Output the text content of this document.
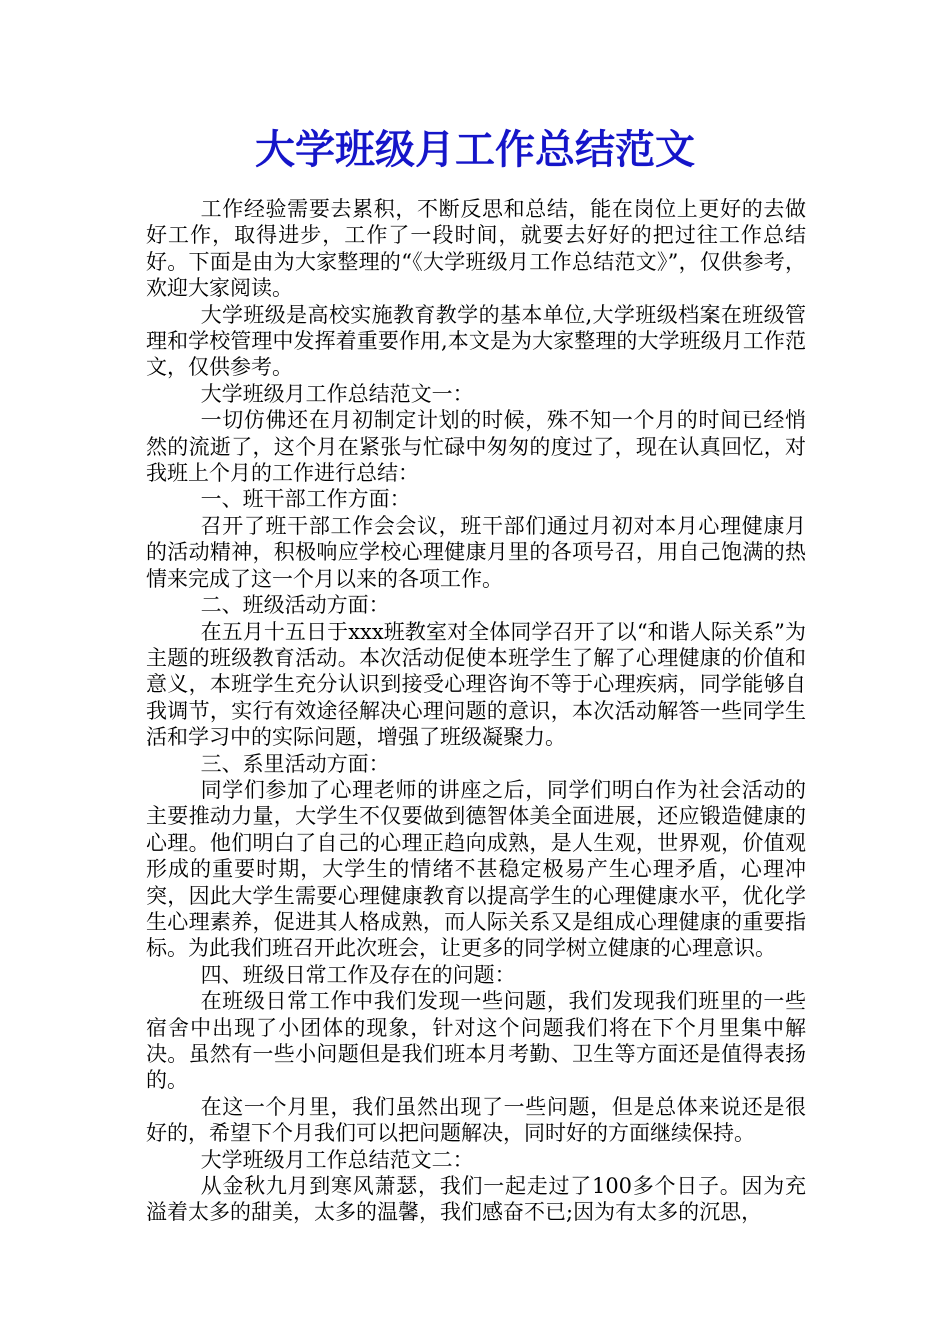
大学班级月工作总结范文

工作经验需要去累积，不断反思和总结，能在岗位上更好的去做好工作，取得进步，工作了一段时间，就要去好好的把过往工作总结好。下面是由为大家整理的“《大学班级月工作总结范文》”，仅供参考，欢迎大家阅读。

大学班级是高校实施教育教学的基本单位,大学班级档案在班级管理和学校管理中发挥着重要作用,本文是为大家整理的大学班级月工作范文，仅供参考。

大学班级月工作总结范文一：

一切仿佛还在月初制定计划的时候，殊不知一个月的时间已经悄然的流逝了，这个月在紧张与忙碌中匆匆的度过了，现在认真回忆，对我班上个月的工作进行总结：

一、班干部工作方面：

召开了班干部工作会会议，班干部们通过月初对本月心理健康月的活动精神，积极响应学校心理健康月里的各项号召，用自己饱满的热情来完成了这一个月以来的各项工作。

二、班级活动方面：

在五月十五日于xxx班教室对全体同学召开了以“和谐人际关系”为主题的班级教育活动。本次活动促使本班学生了解了心理健康的价值和意义，本班学生充分认识到接受心理咨询不等于心理疾病，同学能够自我调节，实行有效途径解决心理问题的意识，本次活动解答一些同学生活和学习中的实际问题，增强了班级凝聚力。

三、系里活动方面：

同学们参加了心理老师的讲座之后，同学们明白作为社会活动的主要推动力量，大学生不仅要做到德智体美全面进展，还应锻造健康的心理。他们明白了自己的心理正趋向成熟，是人生观，世界观，价值观形成的重要时期，大学生的情绪不甚稳定极易产生心理矛盾，心理冲突，因此大学生需要心理健康教育以提高学生的心理健康水平，优化学生心理素养，促进其人格成熟，而人际关系又是组成心理健康的重要指标。为此我们班召开此次班会，让更多的同学树立健康的心理意识。

四、班级日常工作及存在的问题：

在班级日常工作中我们发现一些问题，我们发现我们班里的一些宿舍中出现了小团体的现象，针对这个问题我们将在下个月里集中解决。虽然有一些小问题但是我们班本月考勤、卫生等方面还是值得表扬的。

在这一个月里，我们虽然出现了一些问题，但是总体来说还是很好的，希望下个月我们可以把问题解决，同时好的方面继续保持。

大学班级月工作总结范文二：

从金秋九月到寒风萧瑟，我们一起走过了100多个日子。因为充溢着太多的甜美，太多的温馨，我们感奋不已;因为有太多的沉思，
